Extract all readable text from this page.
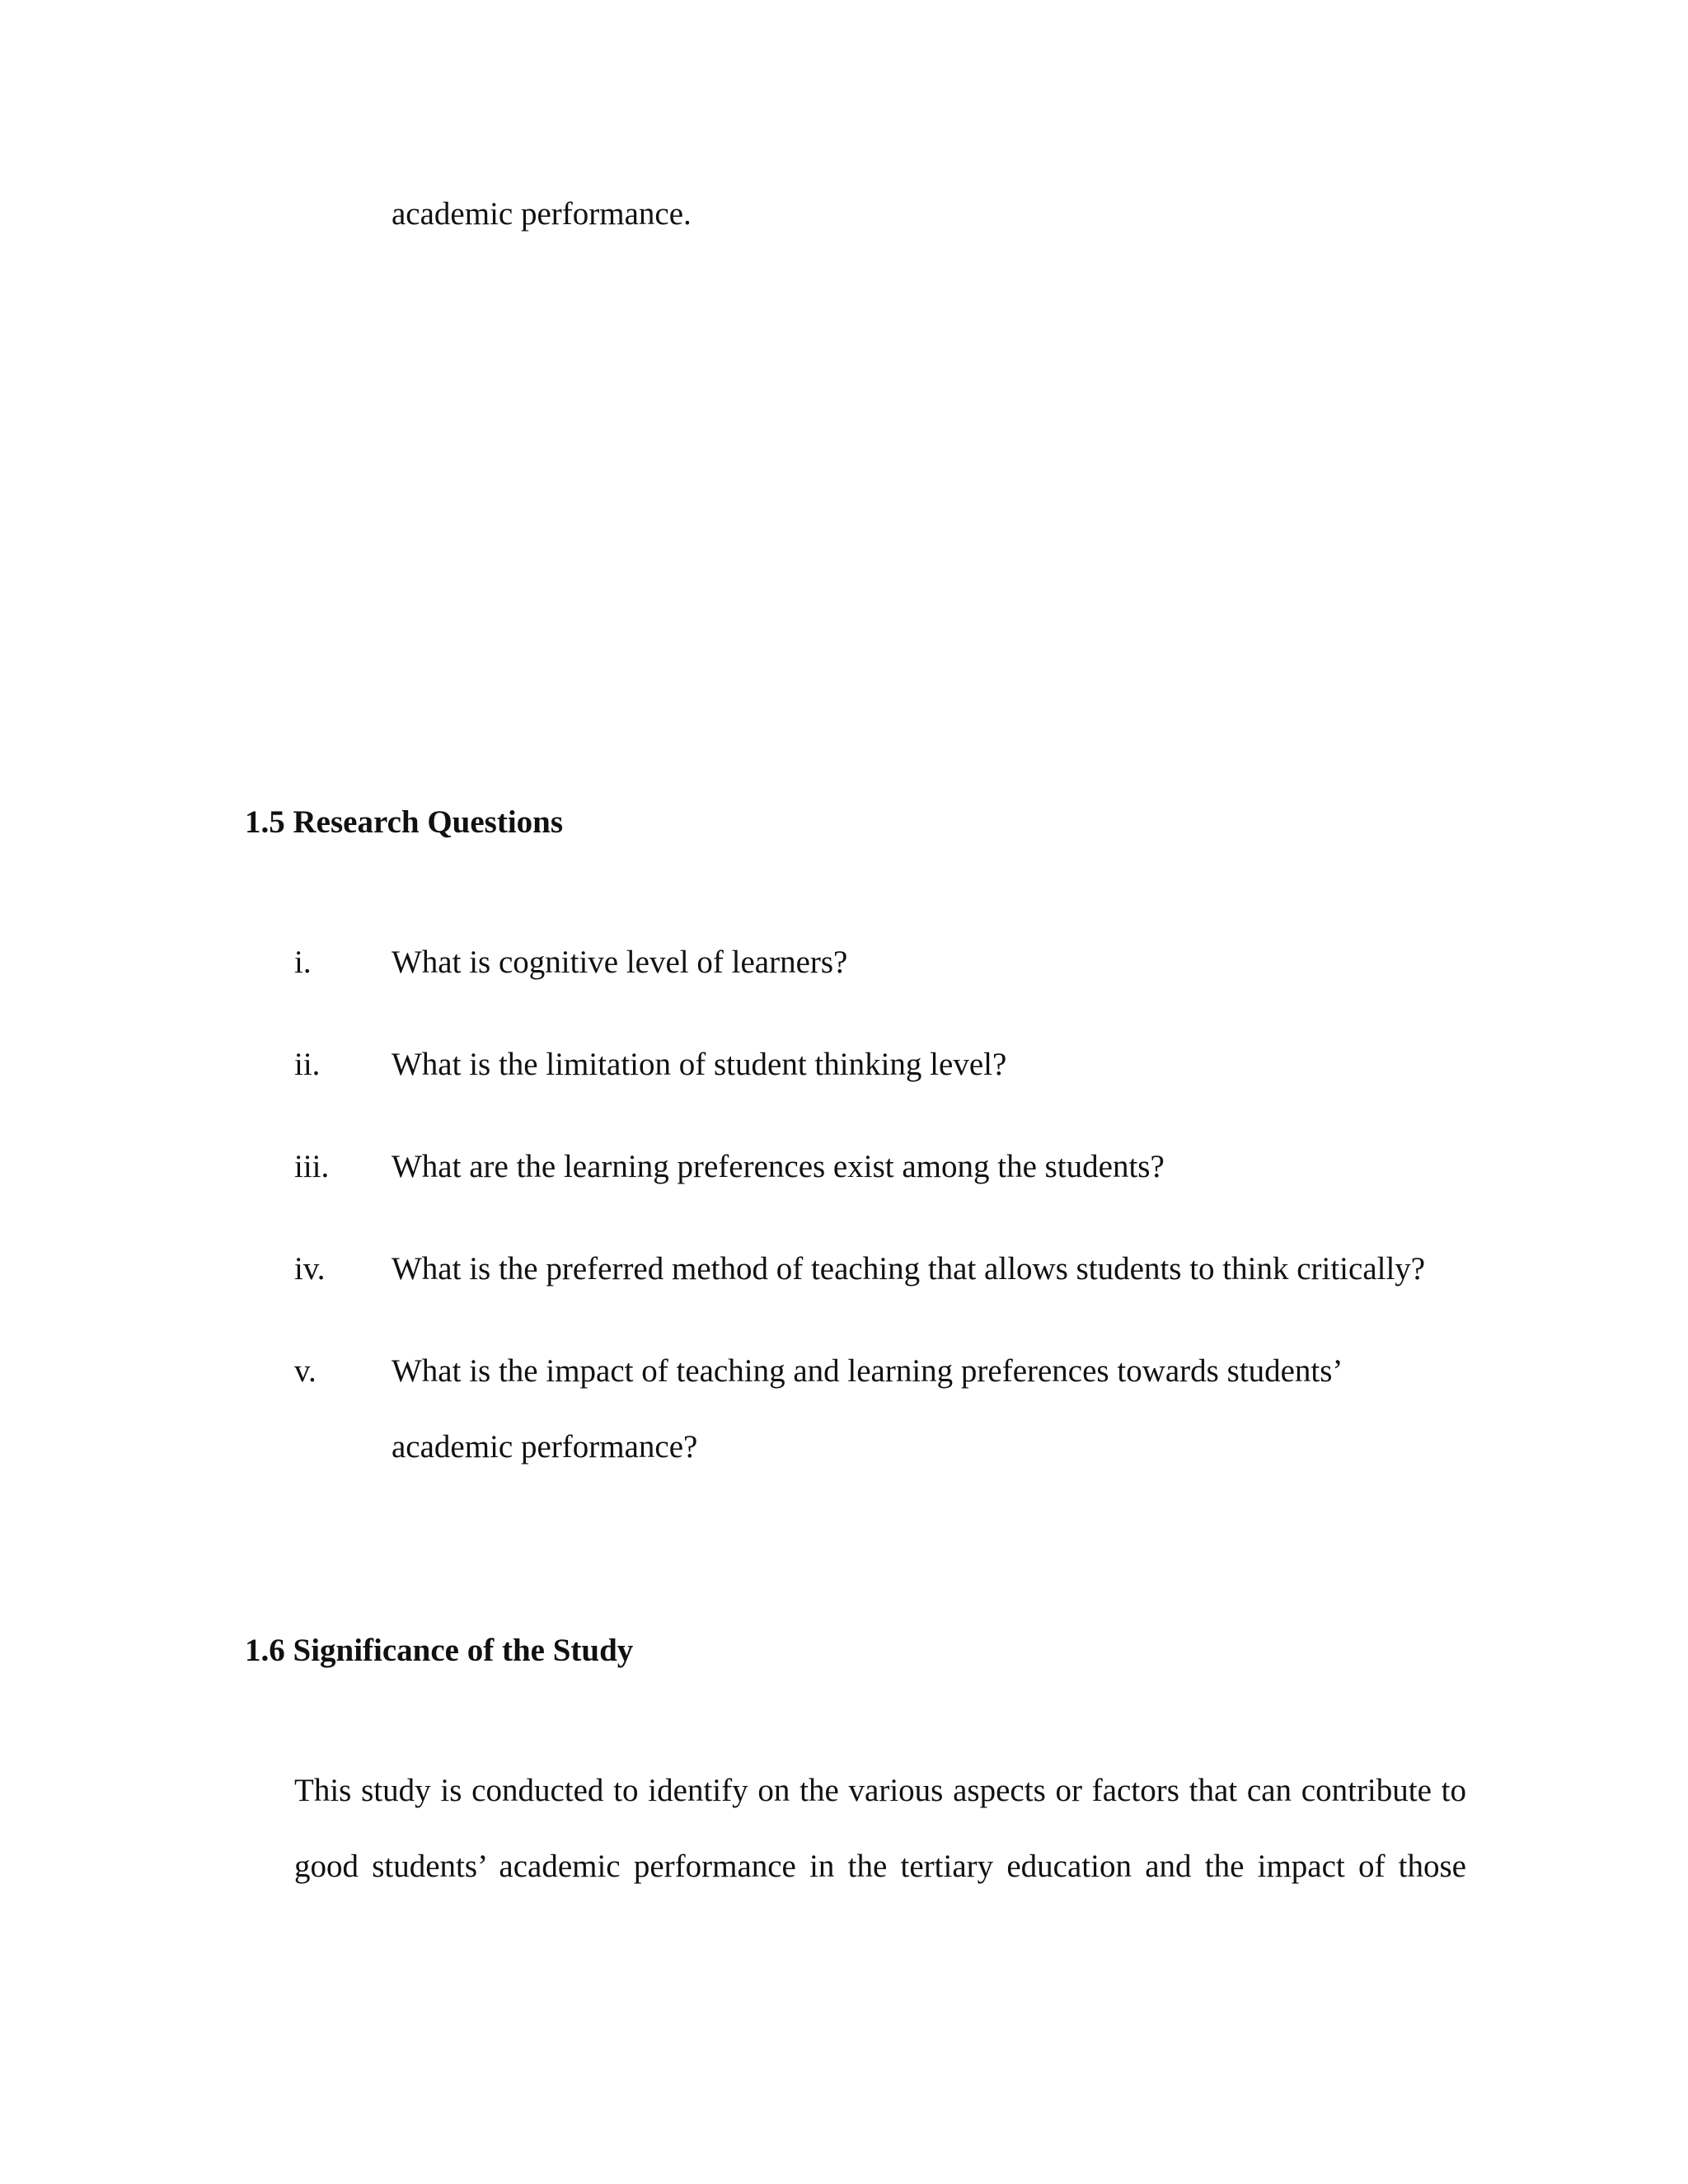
academic performance.
1.5 Research Questions
i. What is cognitive level of learners?
ii. What is the limitation of student thinking level?
iii. What are the learning preferences exist among the students?
iv. What is the preferred method of teaching that allows students to think critically?
v. What is the impact of teaching and learning preferences towards students’
academic performance?
1.6 Significance of the Study
This study is conducted to identify on the various aspects or factors that can contribute to
good students’ academic performance in the tertiary education and the impact of those
